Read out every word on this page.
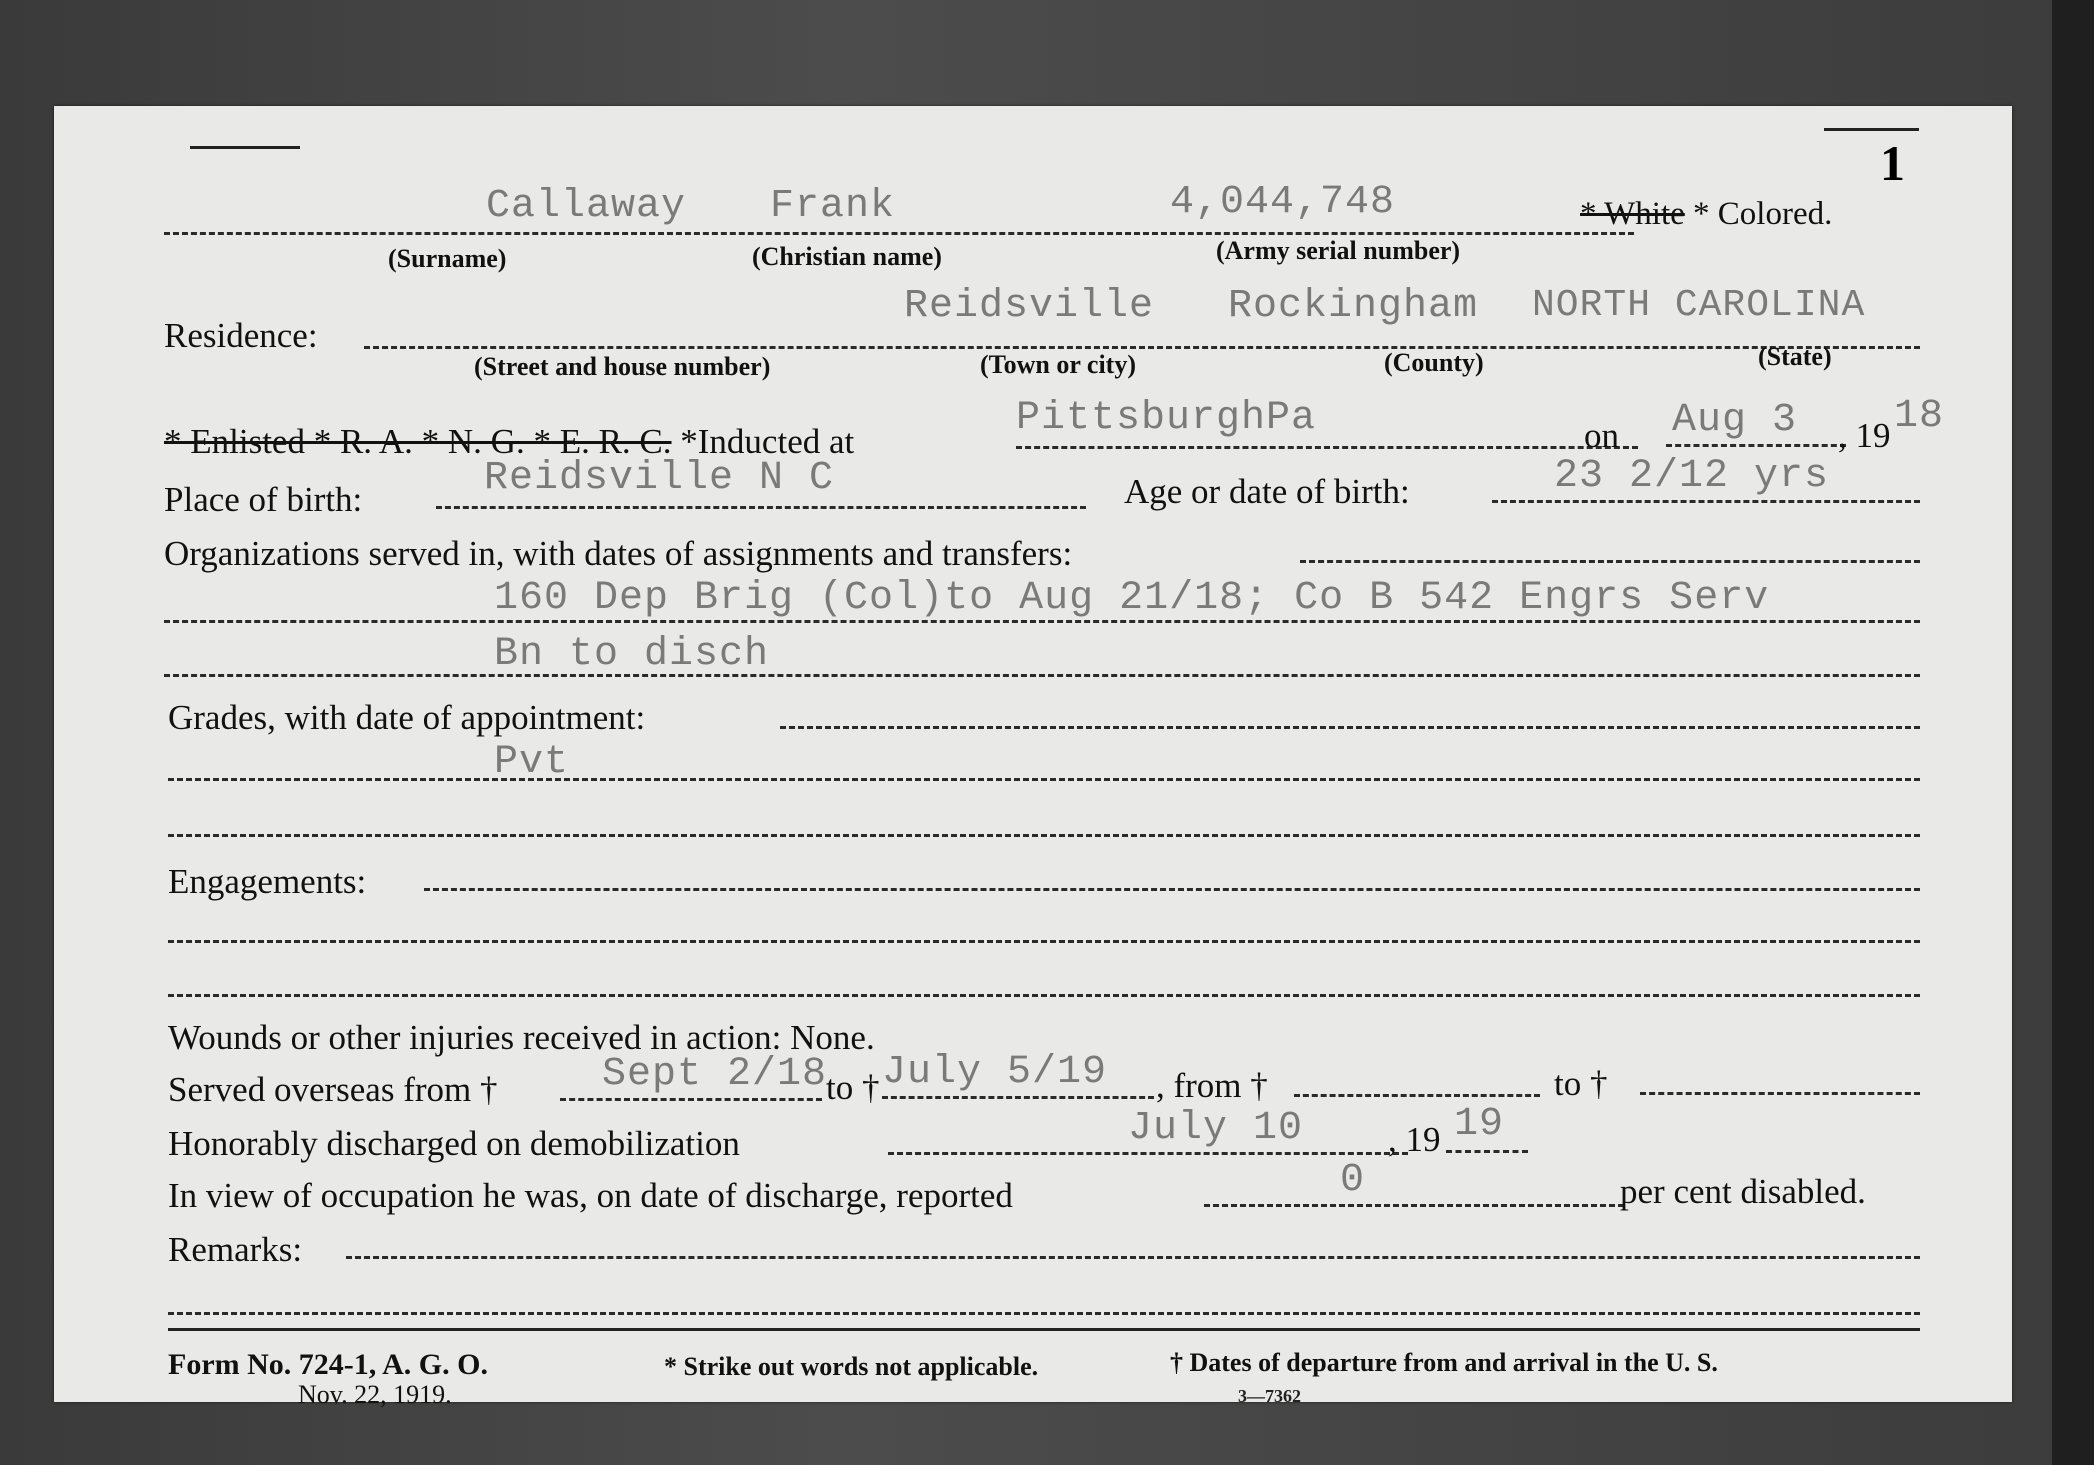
1
Callaway Frank	4,044,748	* White * Colored.
(Surname)	(Christian name)	(Army serial number)
Residence:
Reidsville Rockingham NORTH CAROLINA
(Street and house number)	(Town or city)	(County)	(State)
* Enlisted * R. A. * N. G. * E. R. C. *Inducted at
PittsburghPa	on Aug 3 , 19 18
Place of birth:	Reidsville N C	Age or date of birth:	23 2/12 yrs
Organizations served in, with dates of assignments and transfers:
160 Dep Brig (Col)to Aug 21/18; Co B 542 Engrs Serv
Bn to disch
Grades, with date of appointment:
Pvt
Engagements:
Wounds or other injuries received in action: None.
Served overseas from †	Sept 2/18
to † July 5/19 , from †	to †
Honorably discharged on demobilization	July 10 , 19 19
In view of occupation he was, on date of discharge, reported	0	per cent disabled.
Remarks:
Form No. 724-1, A. G. O.
Nov. 22, 1919.
* Strike out words not applicable.	† Dates of departure from and arrival in the U. S.
3—7362
